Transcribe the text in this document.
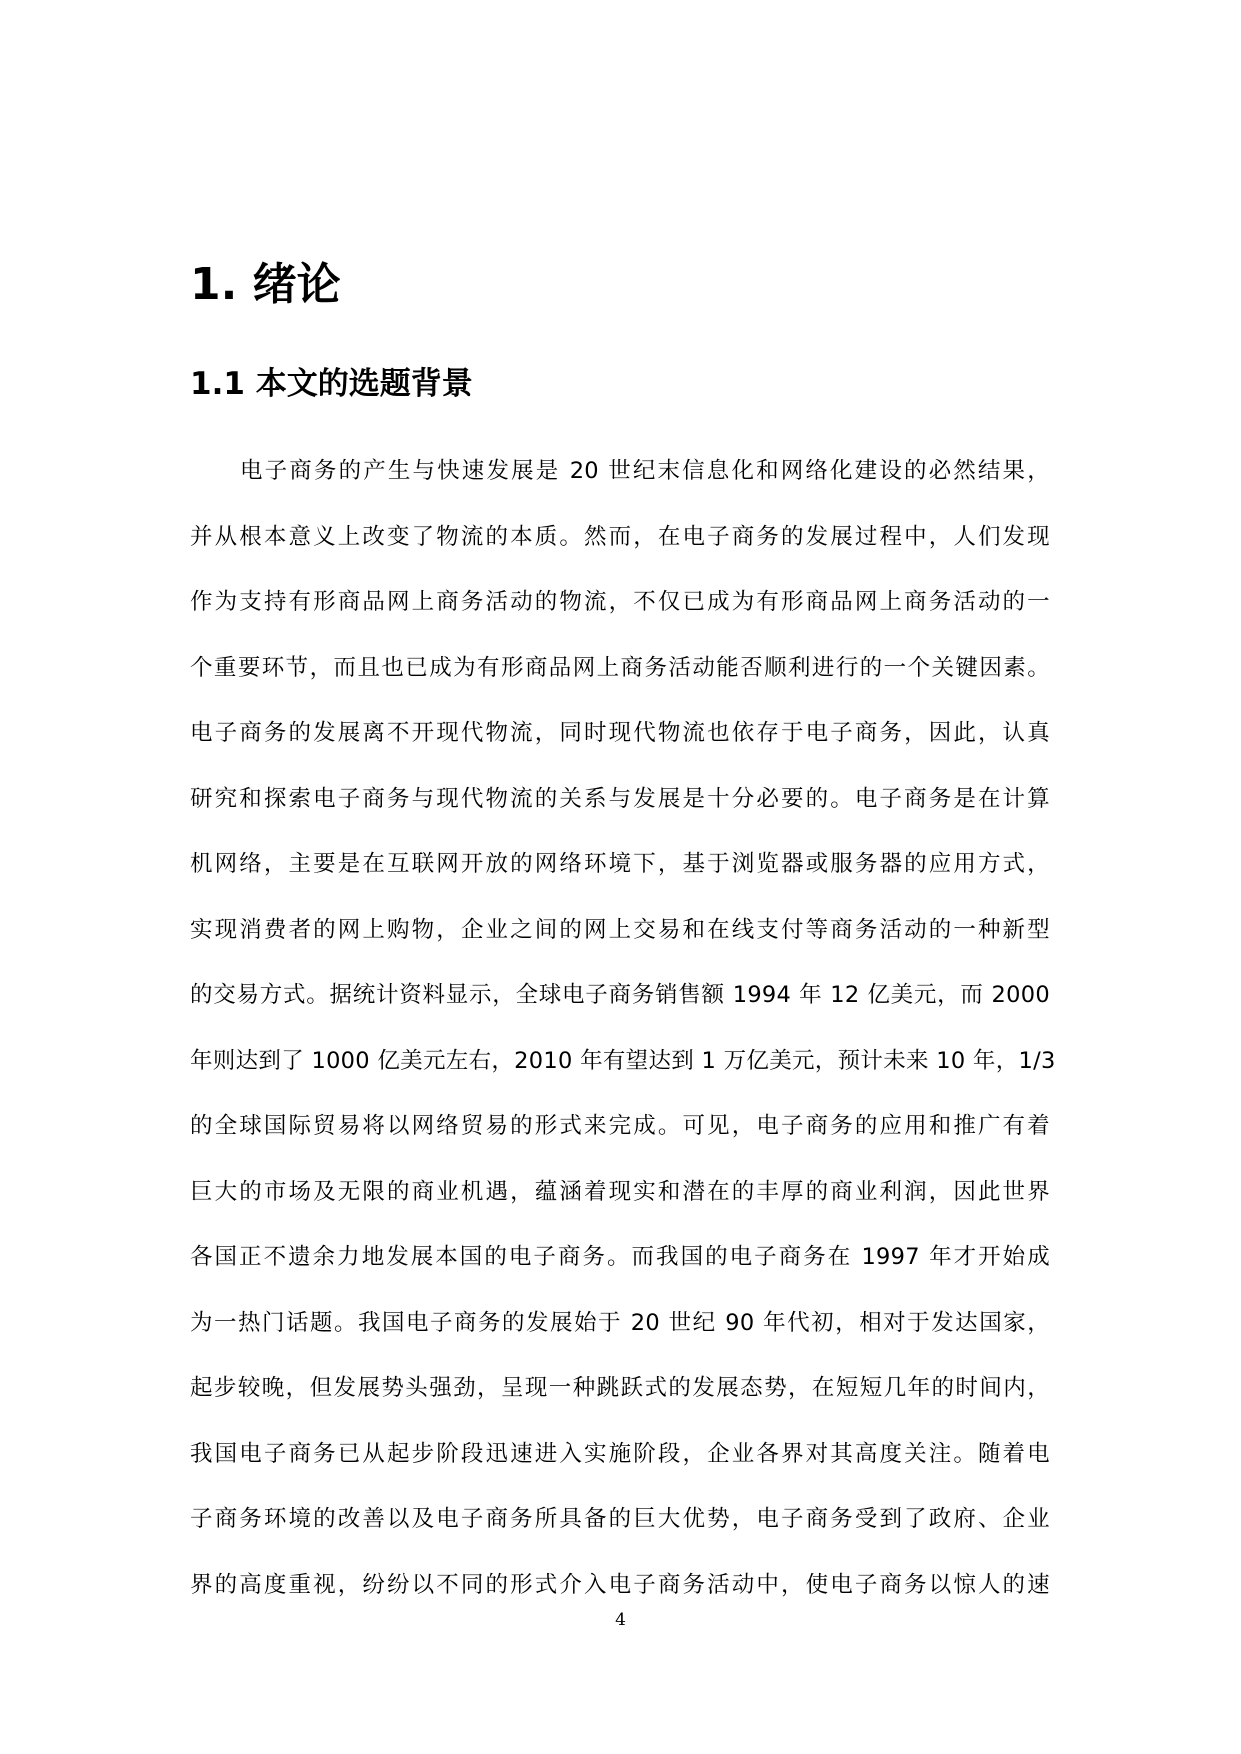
1. 绪论
1.1 本文的选题背景
电子商务的产生与快速发展是 20 世纪末信息化和网络化建设的必然结果，
并从根本意义上改变了物流的本质。然而，在电子商务的发展过程中，人们发现
作为支持有形商品网上商务活动的物流，不仅已成为有形商品网上商务活动的一
个重要环节，而且也已成为有形商品网上商务活动能否顺利进行的一个关键因素。
电子商务的发展离不开现代物流，同时现代物流也依存于电子商务，因此，认真
研究和探索电子商务与现代物流的关系与发展是十分必要的。电子商务是在计算
机网络，主要是在互联网开放的网络环境下，基于浏览器或服务器的应用方式，
实现消费者的网上购物，企业之间的网上交易和在线支付等商务活动的一种新型
的交易方式。据统计资料显示，全球电子商务销售额 1994 年 12 亿美元，而 2000
年则达到了 1000 亿美元左右，2010 年有望达到 1 万亿美元，预计未来 10 年，1/3
的全球国际贸易将以网络贸易的形式来完成。可见，电子商务的应用和推广有着
巨大的市场及无限的商业机遇，蕴涵着现实和潜在的丰厚的商业利润，因此世界
各国正不遗余力地发展本国的电子商务。而我国的电子商务在 1997 年才开始成
为一热门话题。我国电子商务的发展始于 20 世纪 90 年代初，相对于发达国家，
起步较晚，但发展势头强劲，呈现一种跳跃式的发展态势，在短短几年的时间内，
我国电子商务已从起步阶段迅速进入实施阶段，企业各界对其高度关注。随着电
子商务环境的改善以及电子商务所具备的巨大优势，电子商务受到了政府、企业
界的高度重视，纷纷以不同的形式介入电子商务活动中，使电子商务以惊人的速
4
